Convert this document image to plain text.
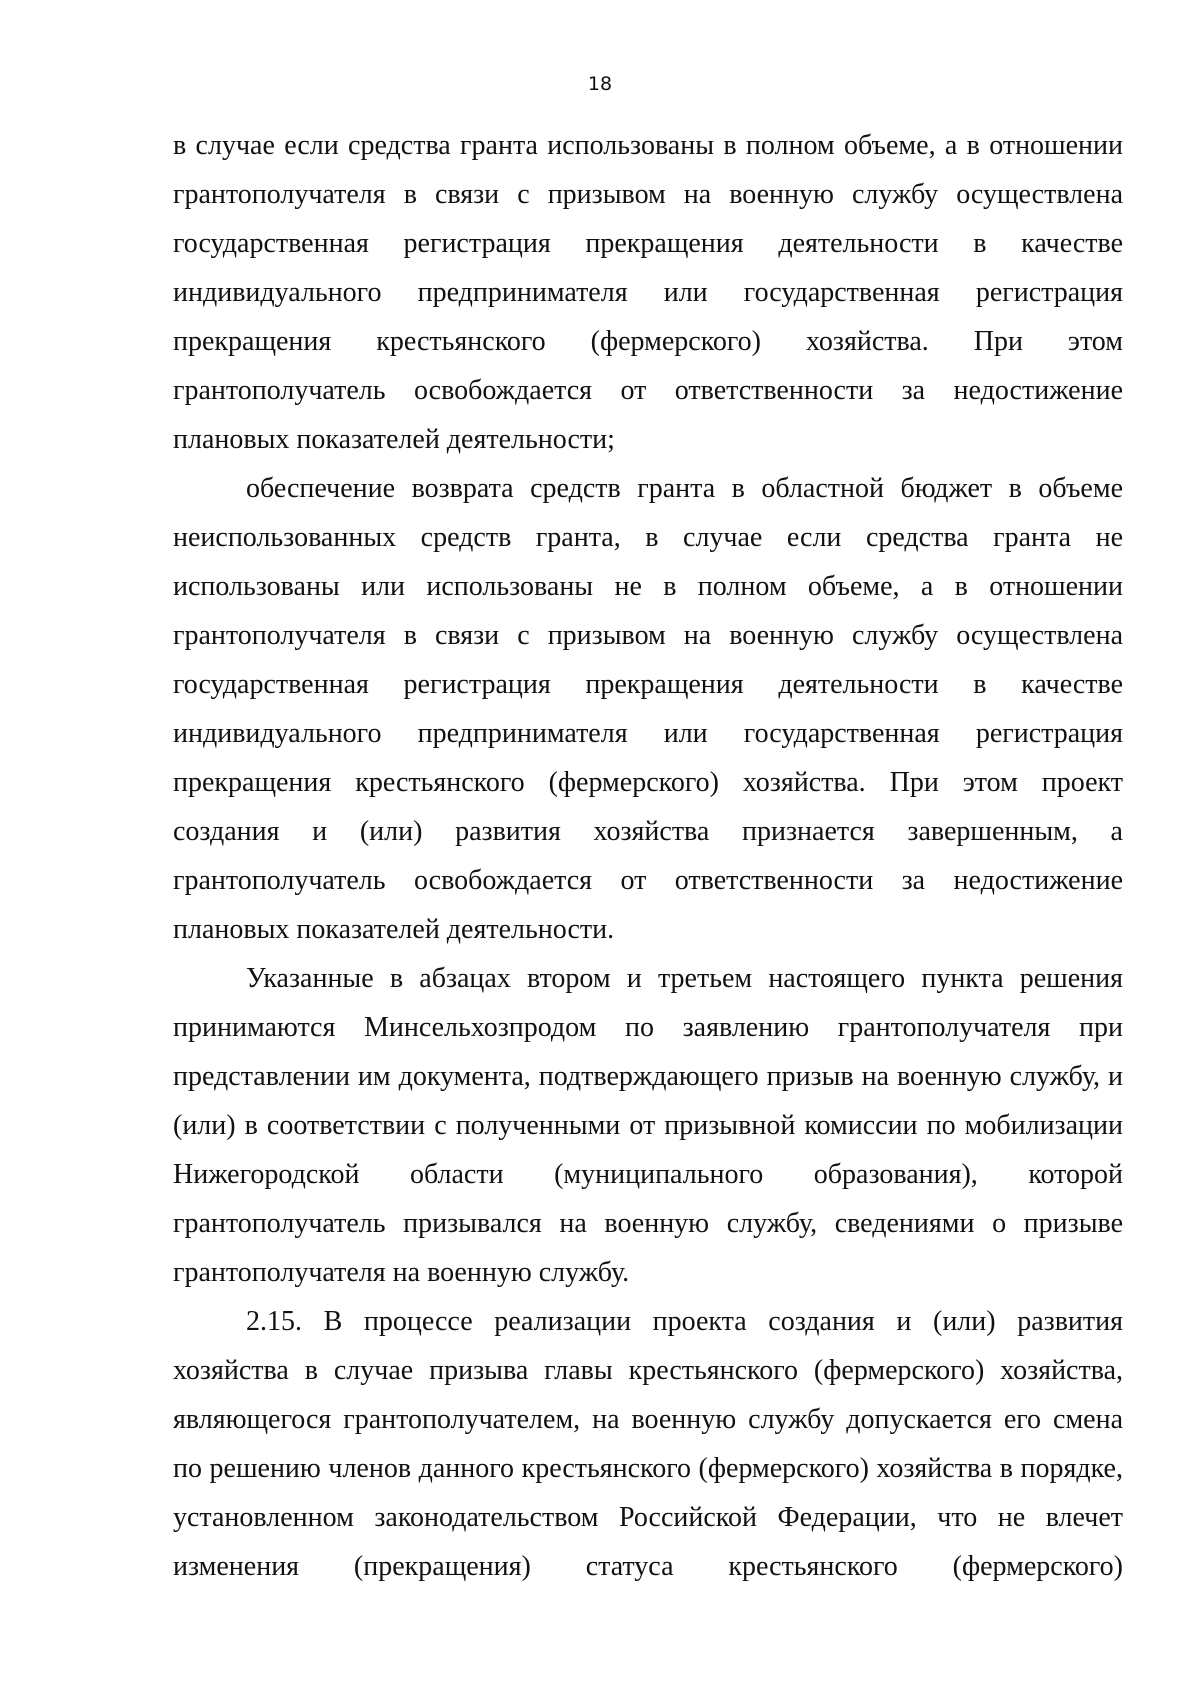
18

в случае если средства гранта использованы в полном объеме, а в отношении грантополучателя в связи с призывом на военную службу осуществлена государственная регистрация прекращения деятельности в качестве индивидуального предпринимателя или государственная регистрация прекращения крестьянского (фермерского) хозяйства. При этом грантополучатель освобождается от ответственности за недостижение плановых показателей деятельности;

обеспечение возврата средств гранта в областной бюджет в объеме неиспользованных средств гранта, в случае если средства гранта не использованы или использованы не в полном объеме, а в отношении грантополучателя в связи с призывом на военную службу осуществлена государственная регистрация прекращения деятельности в качестве индивидуального предпринимателя или государственная регистрация прекращения крестьянского (фермерского) хозяйства. При этом проект создания и (или) развития хозяйства признается завершенным, а грантополучатель освобождается от ответственности за недостижение плановых показателей деятельности.

Указанные в абзацах втором и третьем настоящего пункта решения принимаются Минсельхозпродом по заявлению грантополучателя при представлении им документа, подтверждающего призыв на военную службу, и (или) в соответствии с полученными от призывной комиссии по мобилизации Нижегородской области (муниципального образования), которой грантополучатель призывался на военную службу, сведениями о призыве грантополучателя на военную службу.

2.15. В процессе реализации проекта создания и (или) развития хозяйства в случае призыва главы крестьянского (фермерского) хозяйства, являющегося грантополучателем, на военную службу допускается его смена по решению членов данного крестьянского (фермерского) хозяйства в порядке, установленном законодательством Российской Федерации, что не влечет изменения (прекращения) статуса крестьянского (фермерского)
